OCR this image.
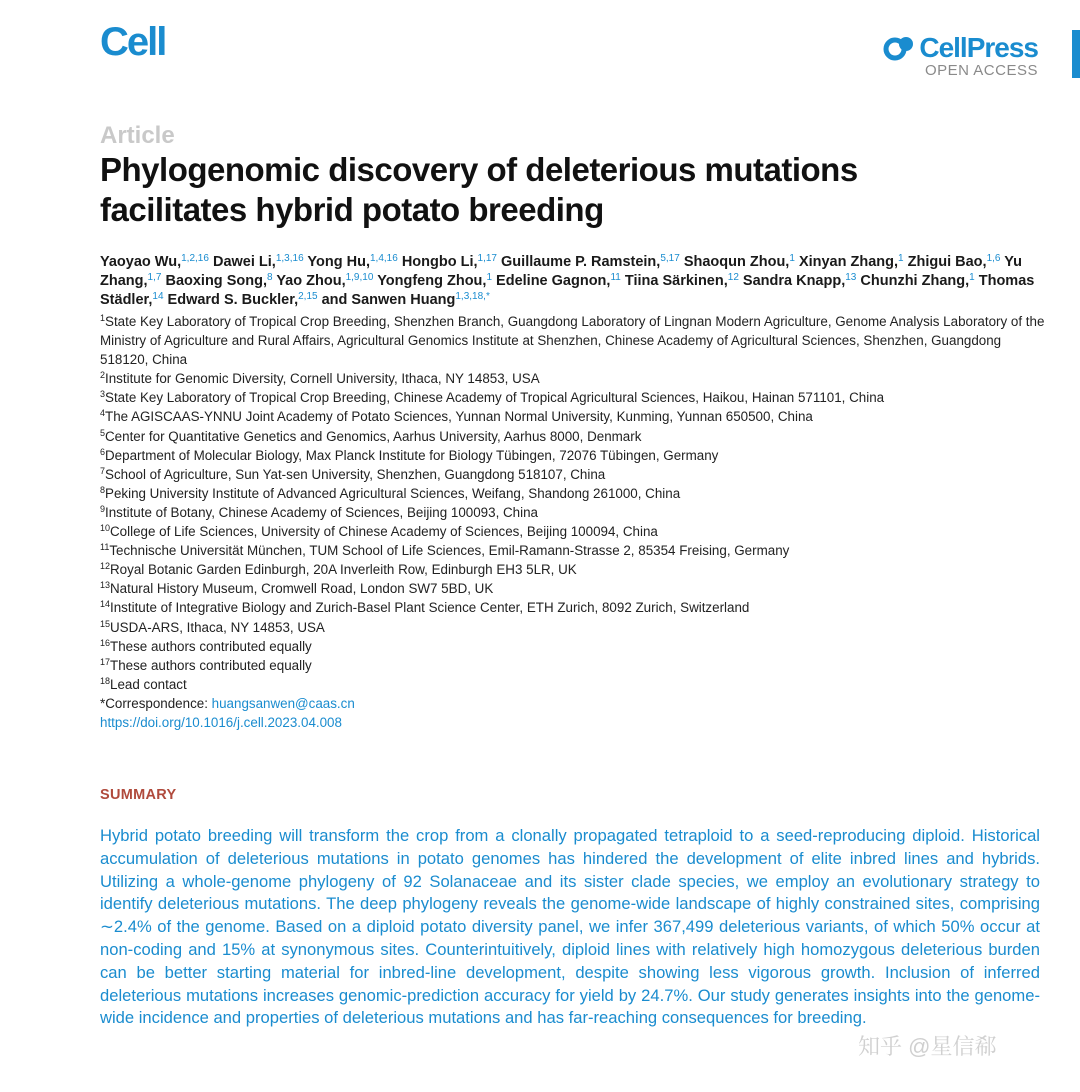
Cell	CellPress
OPEN ACCESS
Article
Phylogenomic discovery of deleterious mutations facilitates hybrid potato breeding
Yaoyao Wu,$^{1,2,16}$ Dawei Li,$^{1,3,16}$ Yong Hu,$^{1,4,16}$ Hongbo Li,$^{1,17}$ Guillaume P. Ramstein,$^{5,17}$ Shaoqun Zhou,$^1$ Xinyan Zhang,$^1$ Zhigui Bao,$^{1,6}$ Yu Zhang,$^{1,7}$ Baoxing Song,$^8$ Yao Zhou,$^{1,9,10}$ Yongfeng Zhou,$^1$ Edeline Gagnon,$^{11}$ Tiina Särkinen,$^{12}$ Sandra Knapp,$^{13}$ Chunzhi Zhang,$^1$ Thomas Städler,$^{14}$ Edward S. Buckler,$^{2,15}$ and Sanwen Huang$^{1,3,18,*}$
$^1$State Key Laboratory of Tropical Crop Breeding, Shenzhen Branch, Guangdong Laboratory of Lingnan Modern Agriculture, Genome Analysis Laboratory of the Ministry of Agriculture and Rural Affairs, Agricultural Genomics Institute at Shenzhen, Chinese Academy of Agricultural Sciences, Shenzhen, Guangdong 518120, China
$^2$Institute for Genomic Diversity, Cornell University, Ithaca, NY 14853, USA
$^3$State Key Laboratory of Tropical Crop Breeding, Chinese Academy of Tropical Agricultural Sciences, Haikou, Hainan 571101, China
$^4$The AGISCAAS-YNNU Joint Academy of Potato Sciences, Yunnan Normal University, Kunming, Yunnan 650500, China
$^5$Center for Quantitative Genetics and Genomics, Aarhus University, Aarhus 8000, Denmark
$^6$Department of Molecular Biology, Max Planck Institute for Biology Tübingen, 72076 Tübingen, Germany
$^7$School of Agriculture, Sun Yat-sen University, Shenzhen, Guangdong 518107, China
$^8$Peking University Institute of Advanced Agricultural Sciences, Weifang, Shandong 261000, China
$^9$Institute of Botany, Chinese Academy of Sciences, Beijing 100093, China
$^{10}$College of Life Sciences, University of Chinese Academy of Sciences, Beijing 100094, China
$^{11}$Technische Universität München, TUM School of Life Sciences, Emil-Ramann-Strasse 2, 85354 Freising, Germany
$^{12}$Royal Botanic Garden Edinburgh, 20A Inverleith Row, Edinburgh EH3 5LR, UK
$^{13}$Natural History Museum, Cromwell Road, London SW7 5BD, UK
$^{14}$Institute of Integrative Biology and Zurich-Basel Plant Science Center, ETH Zurich, 8092 Zurich, Switzerland
$^{15}$USDA-ARS, Ithaca, NY 14853, USA
$^{16}$These authors contributed equally
$^{17}$These authors contributed equally
$^{18}$Lead contact
*Correspondence: huangsanwen@caas.cn
https://doi.org/10.1016/j.cell.2023.04.008
SUMMARY

Hybrid potato breeding will transform the crop from a clonally propagated tetraploid to a seed-reproducing diploid. Historical accumulation of deleterious mutations in potato genomes has hindered the development of elite inbred lines and hybrids. Utilizing a whole-genome phylogeny of 92 Solanaceae and its sister clade species, we employ an evolutionary strategy to identify deleterious mutations. The deep phylogeny reveals the genome-wide landscape of highly constrained sites, comprising ∼2.4% of the genome. Based on a diploid potato diversity panel, we infer 367,499 deleterious variants, of which 50% occur at non-coding and 15% at synonymous sites. Counterintuitively, diploid lines with relatively high homozygous deleterious burden can be better starting material for inbred-line development, despite showing less vigorous growth. Inclusion of inferred deleterious mutations increases genomic-prediction accuracy for yield by 24.7%. Our study generates insights into the genome-wide incidence and properties of deleterious mutations and has far-reaching consequences for breeding.

知乎 @星信郗
